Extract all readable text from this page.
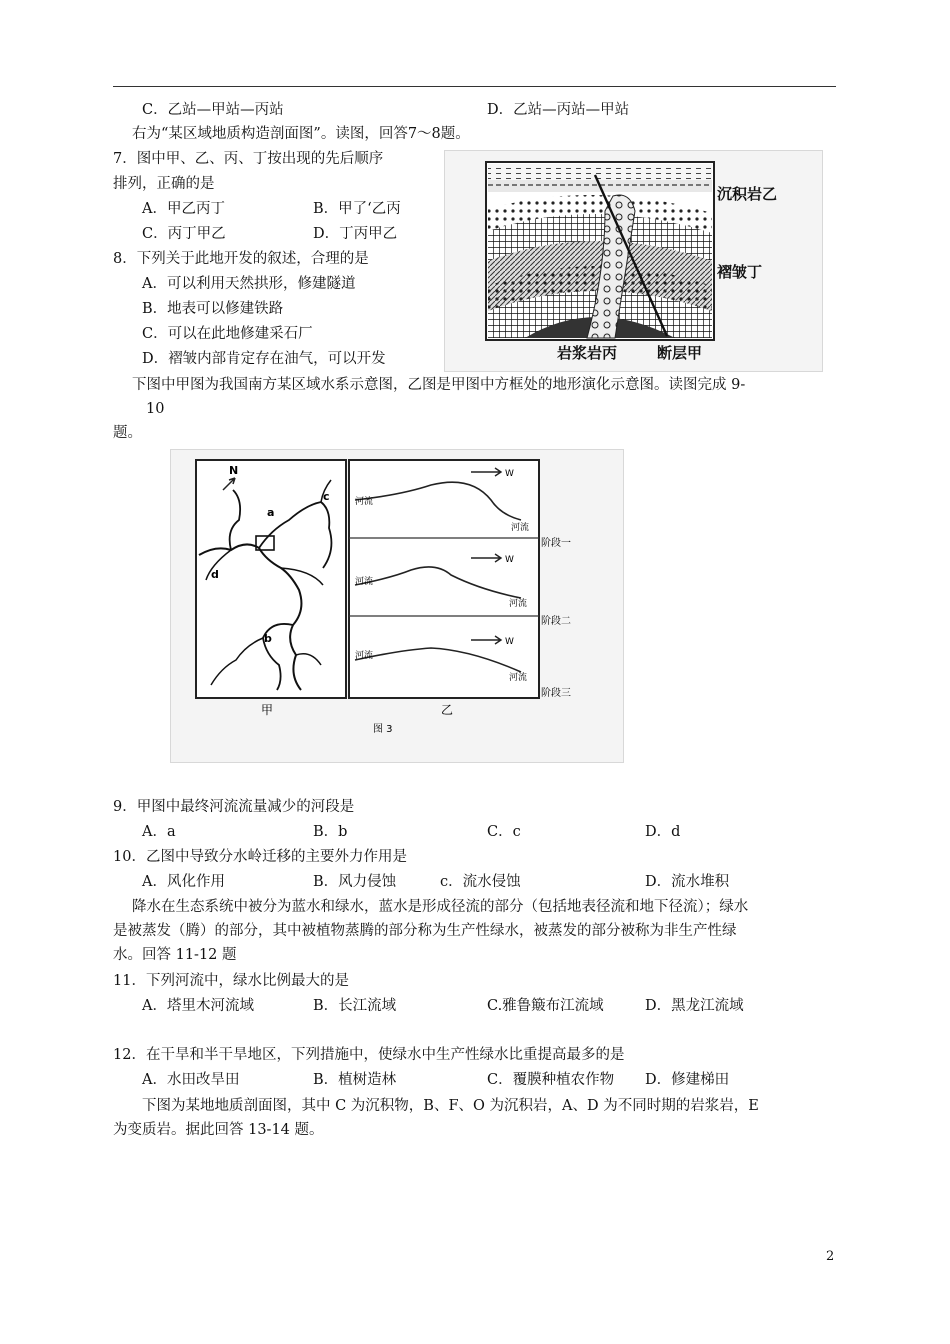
C．乙站—甲站—丙站	D．乙站—丙站—甲站
右为“某区域地质构造剖面图”。读图，回答7～8题。
7．图中甲、乙、丙、丁按出现的先后顺序
排列，正确的是
A．甲乙丙丁	B．甲了‘乙丙
C．丙丁甲乙	D．丁丙甲乙
8．下列关于此地开发的叙述，合理的是
A．可以利用天然拱形，修建隧道
B．地表可以修建铁路
C．可以在此地修建采石厂
D．褶皱内部肯定存在油气，可以开发
沉积岩乙
褶皱丁
岩浆岩丙	断层甲
下图中甲图为我国南方某区域水系示意图，乙图是甲图中方框处的地形演化示意图。读图完成 9-
10
题。
N
a
b
c
d
W
W
W
河流
河流
河流
河流
河流
河流
阶段一
阶段二
阶段三
甲	乙
图 3
9．甲图中最终河流流量减少的河段是
A．a	B．b	C．c	D．d
10．乙图中导致分水岭迁移的主要外力作用是
A．风化作用	B．风力侵蚀	c．流水侵蚀	D．流水堆积
降水在生态系统中被分为蓝水和绿水，蓝水是形成径流的部分（包括地表径流和地下径流）；绿水
是被蒸发（腾）的部分，其中被植物蒸腾的部分称为生产性绿水，被蒸发的部分被称为非生产性绿
水。回答 11-12 题
11．下列河流中，绿水比例最大的是
A．塔里木河流域	B．长江流域	C.雅鲁簸布江流域	D．黑龙江流域
12．在干旱和半干旱地区，下列措施中，使绿水中生产性绿水比重提高最多的是
A．水田改旱田	B．植树造林	C．覆膜种植农作物 D．修建梯田
下图为某地地质剖面图，其中 C 为沉积物，B、F、O 为沉积岩，A、D 为不同时期的岩浆岩，E
为变质岩。据此回答 13-14 题。
2
